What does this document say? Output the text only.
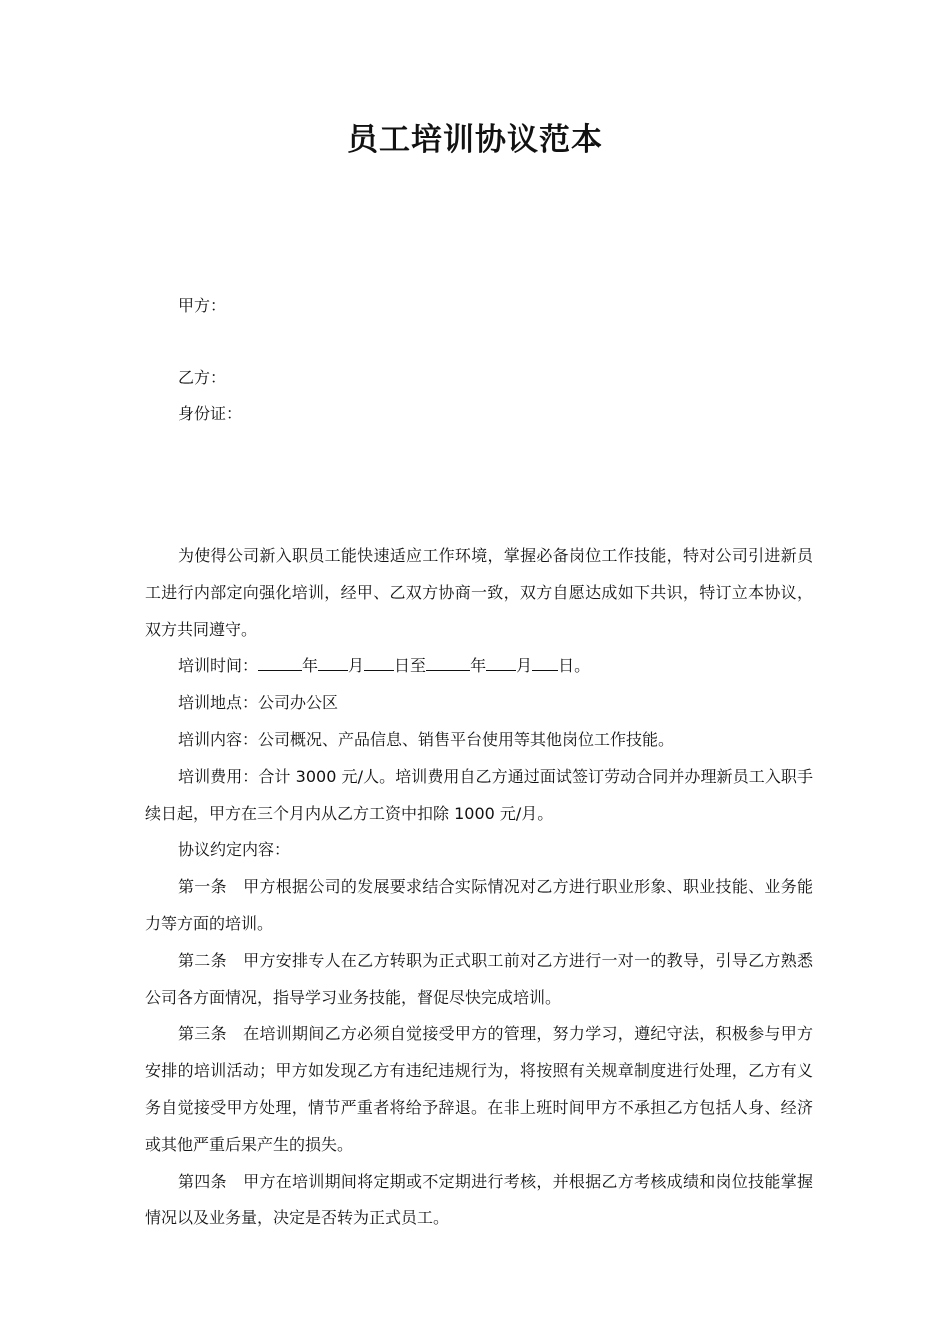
员工培训协议范本
甲方：
乙方：
身份证：

为使得公司新入职员工能快速适应工作环境，掌握必备岗位工作技能，特对公司引进新员工进行内部定向强化培训，经甲、乙双方协商一致，双方自愿达成如下共识，特订立本协议，双方共同遵守。

培训时间：	年 月 日至	年 月 日。

培训地点：公司办公区

培训内容：公司概况、产品信息、销售平台使用等其他岗位工作技能。

培训费用：合计 3000 元/人。培训费用自乙方通过面试签订劳动合同并办理新员工入职手续日起，甲方在三个月内从乙方工资中扣除 1000 元/月。

协议约定内容：

第一条 甲方根据公司的发展要求结合实际情况对乙方进行职业形象、职业技能、业务能力等方面的培训。

第二条 甲方安排专人在乙方转职为正式职工前对乙方进行一对一的教导，引导乙方熟悉公司各方面情况，指导学习业务技能，督促尽快完成培训。

第三条 在培训期间乙方必须自觉接受甲方的管理，努力学习，遵纪守法，积极参与甲方安排的培训活动；甲方如发现乙方有违纪违规行为，将按照有关规章制度进行处理，乙方有义务自觉接受甲方处理，情节严重者将给予辞退。在非上班时间甲方不承担乙方包括人身、经济或其他严重后果产生的损失。

第四条 甲方在培训期间将定期或不定期进行考核，并根据乙方考核成绩和岗位技能掌握情况以及业务量，决定是否转为正式员工。
